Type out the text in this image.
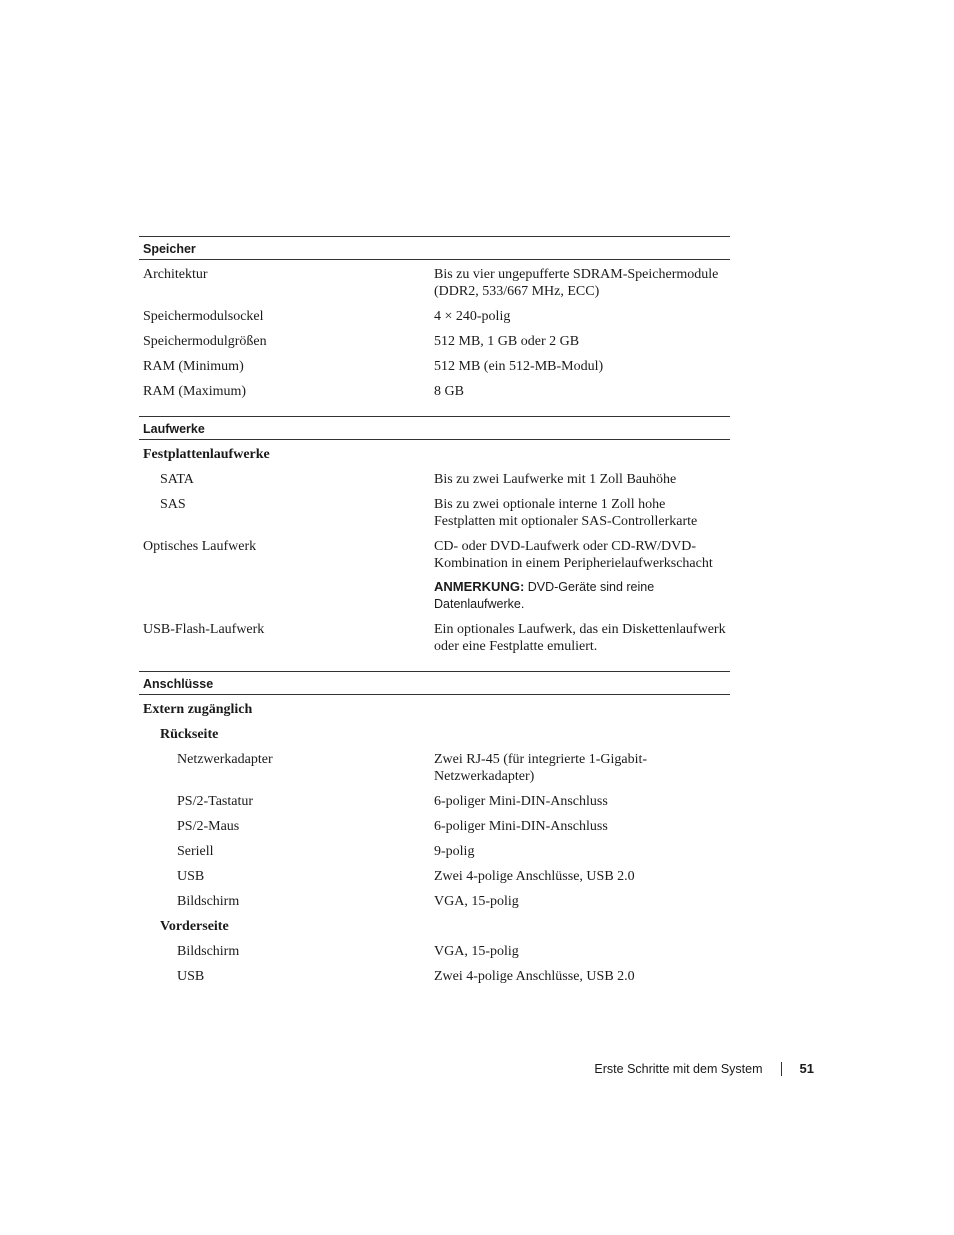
Speicher
Architektur	Bis zu vier ungepufferte SDRAM-Speichermodule (DDR2, 533/667 MHz, ECC)
Speichermodulsockel	4 × 240-polig
Speichermodulgrößen	512 MB, 1 GB oder 2 GB
RAM (Minimum)	512 MB (ein 512-MB-Modul)
RAM (Maximum)	8 GB
Laufwerke
Festplattenlaufwerke
SATA	Bis zu zwei Laufwerke mit 1 Zoll Bauhöhe
SAS	Bis zu zwei optionale interne 1 Zoll hohe Festplatten mit optionaler SAS-Controllerkarte
Optisches Laufwerk	CD- oder DVD-Laufwerk oder CD-RW/DVD-Kombination in einem Peripherielaufwerkschacht
ANMERKUNG: DVD-Geräte sind reine Datenlaufwerke.
USB-Flash-Laufwerk	Ein optionales Laufwerk, das ein Diskettenlaufwerk oder eine Festplatte emuliert.
Anschlüsse
Extern zugänglich
Rückseite
Netzwerkadapter	Zwei RJ-45 (für integrierte 1-Gigabit-Netzwerkadapter)
PS/2-Tastatur	6-poliger Mini-DIN-Anschluss
PS/2-Maus	6-poliger Mini-DIN-Anschluss
Seriell	9-polig
USB	Zwei 4-polige Anschlüsse, USB 2.0
Bildschirm	VGA, 15-polig
Vorderseite
Bildschirm	VGA, 15-polig
USB	Zwei 4-polige Anschlüsse, USB 2.0
Erste Schritte mit dem System	51
